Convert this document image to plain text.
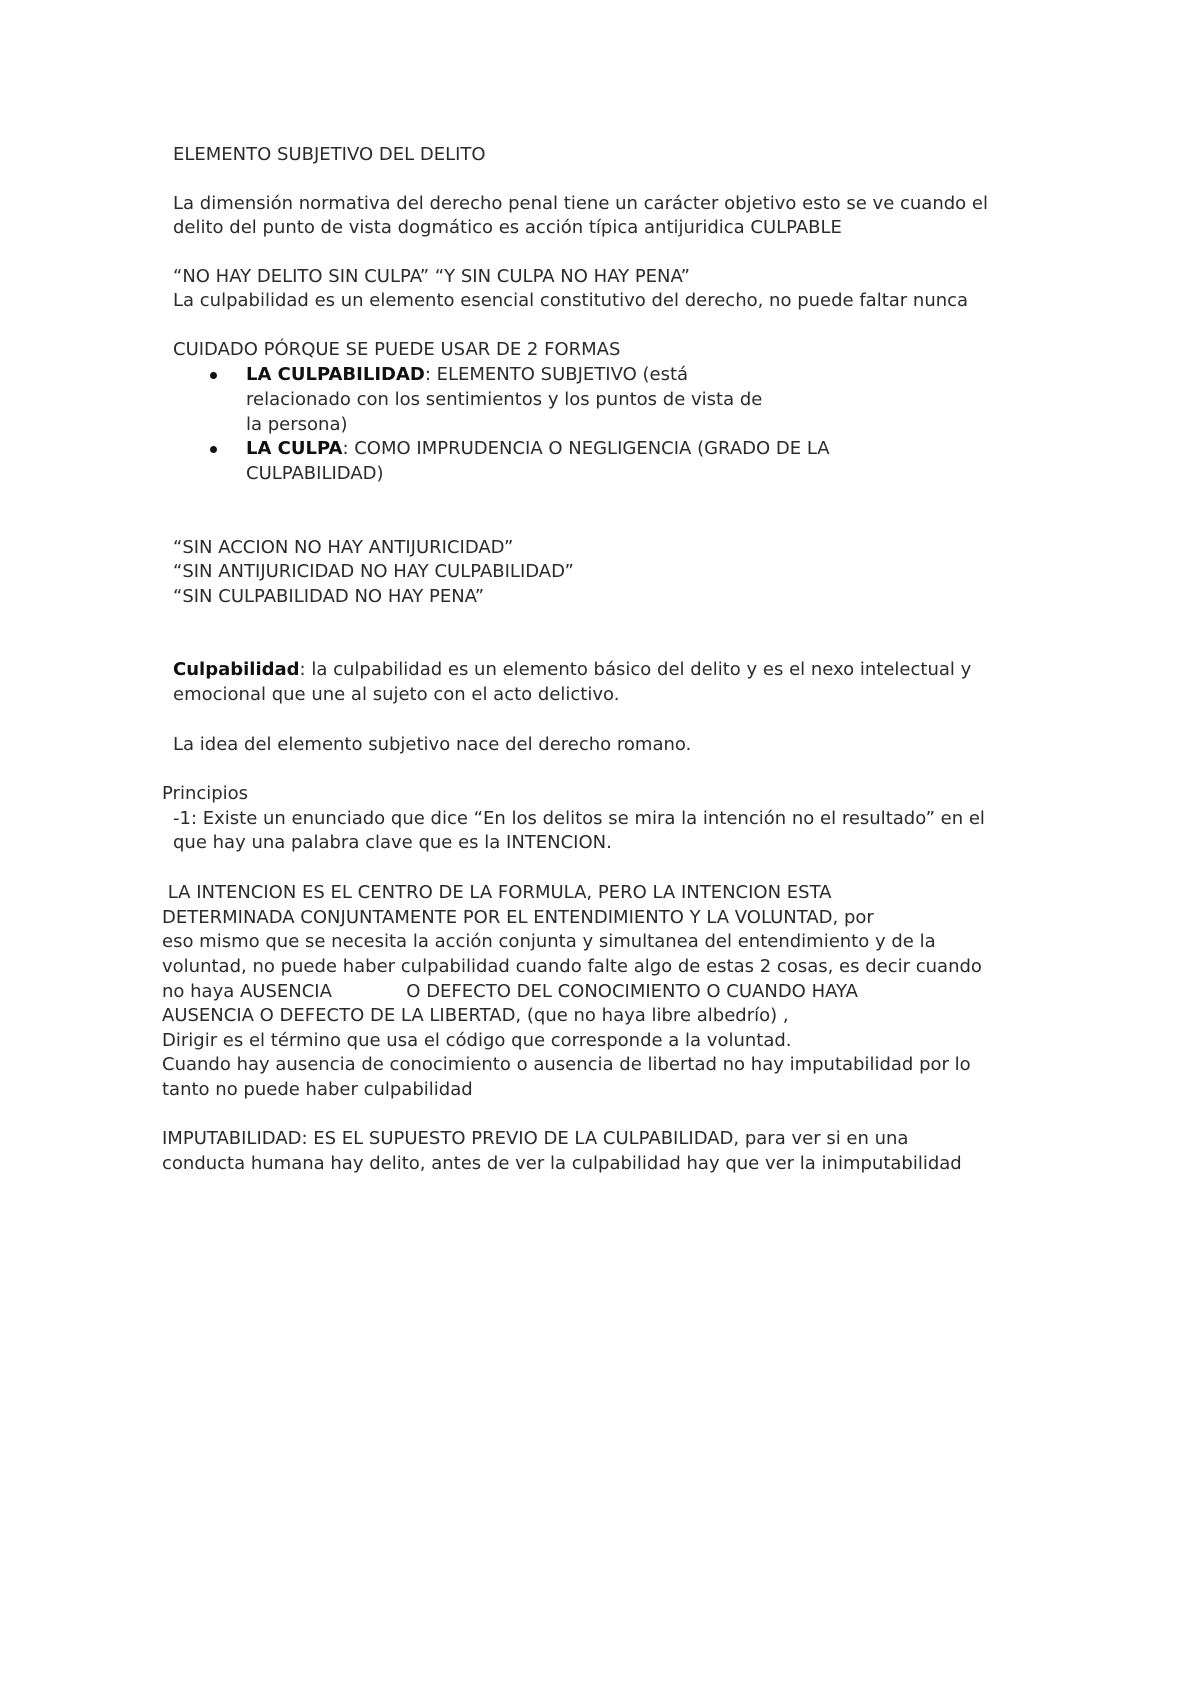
ELEMENTO SUBJETIVO DEL DELITO
La dimensión normativa del derecho penal tiene un carácter objetivo esto se ve cuando el
delito del punto de vista dogmático es acción típica antijuridica CULPABLE
“NO HAY DELITO SIN CULPA” “Y SIN CULPA NO HAY PENA”
La culpabilidad es un elemento esencial constitutivo del derecho, no puede faltar nunca
CUIDADO PÓRQUE SE PUEDE USAR DE 2 FORMAS
LA CULPABILIDAD: ELEMENTO SUBJETIVO (está
relacionado con los sentimientos y los puntos de vista de
la persona)
LA CULPA: COMO IMPRUDENCIA O NEGLIGENCIA (GRADO DE LA
CULPABILIDAD)
“SIN ACCION NO HAY ANTIJURICIDAD”
“SIN ANTIJURICIDAD NO HAY CULPABILIDAD”
“SIN CULPABILIDAD NO HAY PENA”
Culpabilidad: la culpabilidad es un elemento básico del delito y es el nexo intelectual y
emocional que une al sujeto con el acto delictivo.
La idea del elemento subjetivo nace del derecho romano.
Principios
-1: Existe un enunciado que dice “En los delitos se mira la intención no el resultado” en el
que hay una palabra clave que es la INTENCION.
LA INTENCION ES EL CENTRO DE LA FORMULA, PERO LA INTENCION ESTA
DETERMINADA CONJUNTAMENTE POR EL ENTENDIMIENTO Y LA VOLUNTAD, por
eso mismo que se necesita la acción conjunta y simultanea del entendimiento y de la
voluntad, no puede haber culpabilidad cuando falte algo de estas 2 cosas, es decir cuando
no haya AUSENCIA             O DEFECTO DEL CONOCIMIENTO O CUANDO HAYA
AUSENCIA O DEFECTO DE LA LIBERTAD, (que no haya libre albedrío) ,
Dirigir es el término que usa el código que corresponde a la voluntad.
Cuando hay ausencia de conocimiento o ausencia de libertad no hay imputabilidad por lo
tanto no puede haber culpabilidad
IMPUTABILIDAD: ES EL SUPUESTO PREVIO DE LA CULPABILIDAD, para ver si en una
conducta humana hay delito, antes de ver la culpabilidad hay que ver la inimputabilidad
